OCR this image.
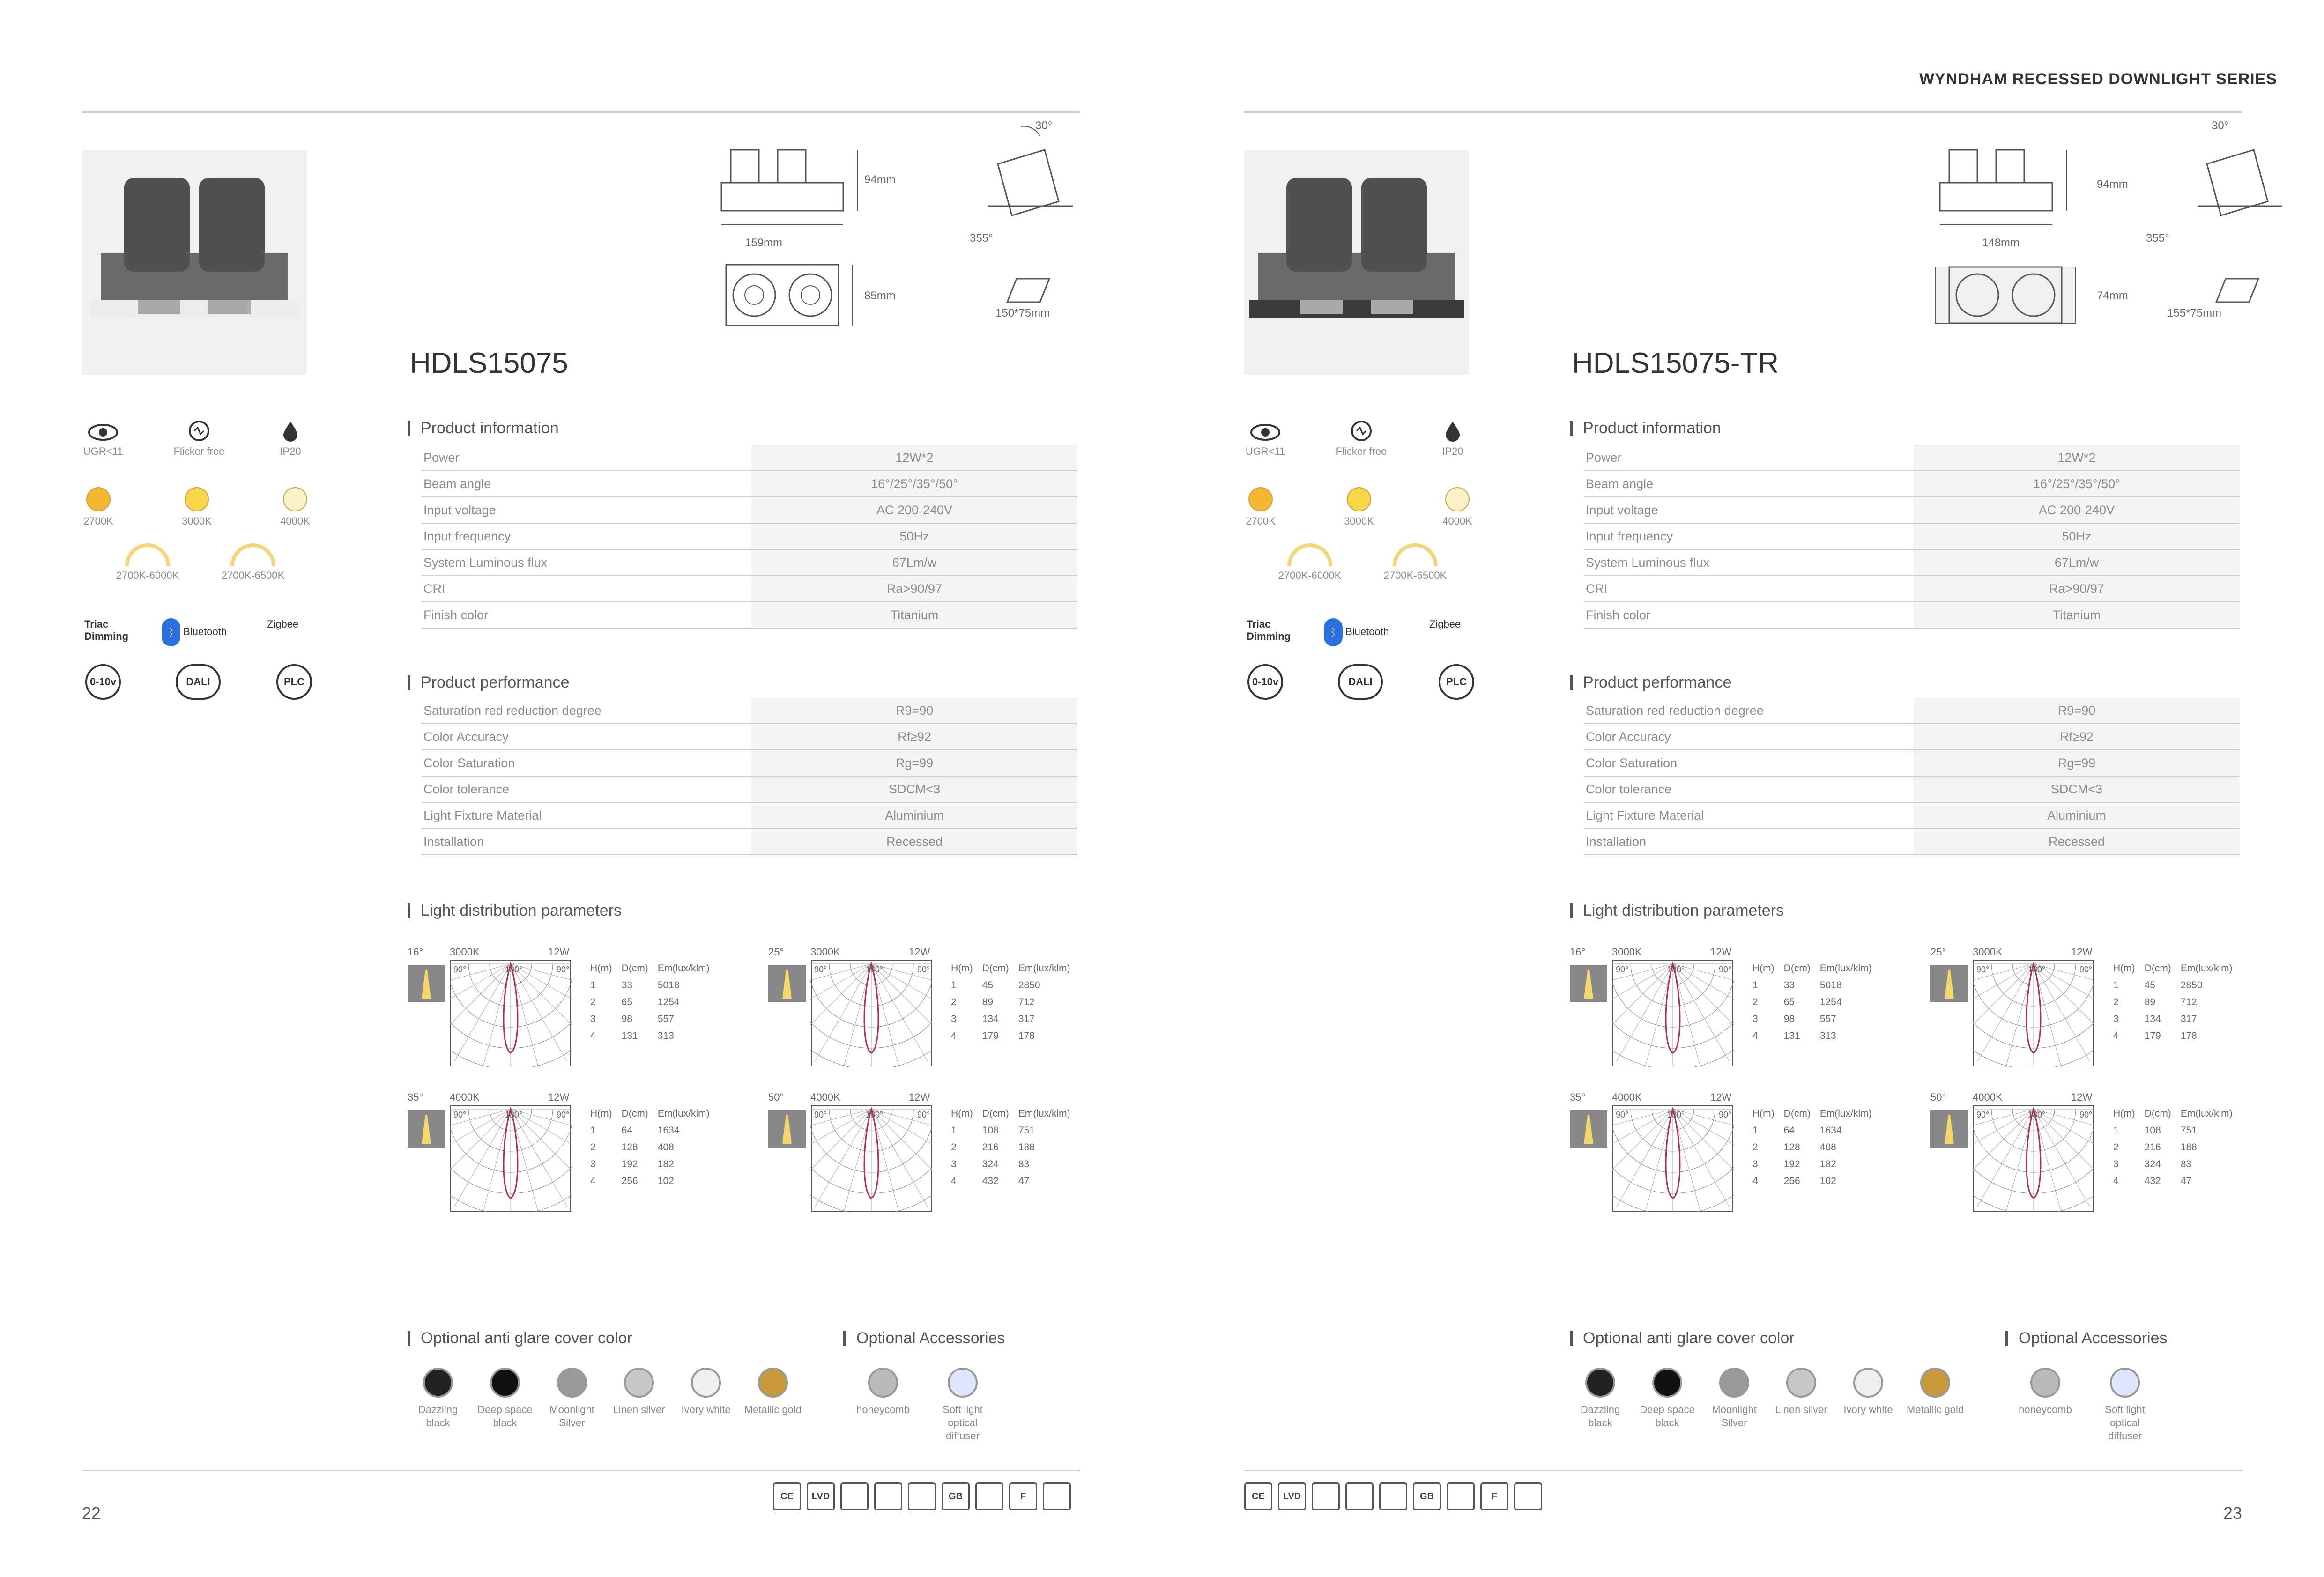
159mm
94mm
85mm
150*75mm
30°
355°
HDLS15075
UGR<11	Flicker free	IP20
2700K	3000K	4000K
2700K-6000K	2700K-6500K
Triac Dimming	ᛒ Bluetooth
Zigbee
0-10v	DALI	PLC
Product information
Power	12W*2
Beam angle	16°/25°/35°/50°
Input voltage	AC 200-240V
Input frequency	50Hz
System Luminous flux	67Lm/w
CRI	Ra>90/97
Finish color	Titanium
Product performance
Saturation red reduction degree	R9=90
Color Accuracy	Rf≥92
Color Saturation	Rg=99
Color tolerance	SDCM<3
Light Fixture Material	Aluminium
Installation	Recessed
Light distribution parameters
16°	3000K	12W
90°	180°	90° H(m)	D(cm)	Em(lux/klm)
1	33	5018
2	65	1254
3	98	557
4	131	313
25°	3000K	12W
90°	180°	90° H(m)	D(cm)	Em(lux/klm)
1	45	2850
2	89	712
3	134	317
4	179	178
35°	4000K	12W
90°	180°	90° H(m)	D(cm)	Em(lux/klm)
1	64	1634
2	128	408
3	192	182
4	256	102
50°	4000K	12W
90°	180°	90° H(m)	D(cm)	Em(lux/klm)
1	108	751
2	216	188
3	324	83
4	432	47
Optional anti glare cover color
Dazzling black
Deep space black
Moonlight Silver
Linen silver	Ivory white	Metallic gold
Optional Accessories
honeycomb	Soft light optical diffuser
22
CE	LVD	GB	F
WYNDHAM RECESSED DOWNLIGHT SERIES
148mm
94mm
74mm
155*75mm
30°
355°
HDLS15075-TR
UGR<11	Flicker free	IP20
2700K	3000K	4000K
2700K-6000K	2700K-6500K
Triac Dimming	ᛒ Bluetooth
Zigbee
0-10v	DALI	PLC
Product information
Power	12W*2
Beam angle	16°/25°/35°/50°
Input voltage	AC 200-240V
Input frequency	50Hz
System Luminous flux	67Lm/w
CRI	Ra>90/97
Finish color	Titanium
Product performance
Saturation red reduction degree	R9=90
Color Accuracy	Rf≥92
Color Saturation	Rg=99
Color tolerance	SDCM<3
Light Fixture Material	Aluminium
Installation	Recessed
Light distribution parameters
16°	3000K	12W
90°	180°	90° H(m)	D(cm)	Em(lux/klm)
1	33	5018
2	65	1254
3	98	557
4	131	313
25°	3000K	12W
90°	180°	90° H(m)	D(cm)	Em(lux/klm)
1	45	2850
2	89	712
3	134	317
4	179	178
35°	4000K	12W
90°	180°	90° H(m)	D(cm)	Em(lux/klm)
1	64	1634
2	128	408
3	192	182
4	256	102
50°	4000K	12W
90°	180°	90° H(m)	D(cm)	Em(lux/klm)
1	108	751
2	216	188
3	324	83
4	432	47
Optional anti glare cover color
Dazzling black
Deep space black
Moonlight Silver
Linen silver	Ivory white	Metallic gold
Optional Accessories
honeycomb	Soft light optical diffuser
23
CE	LVD	GB	F
